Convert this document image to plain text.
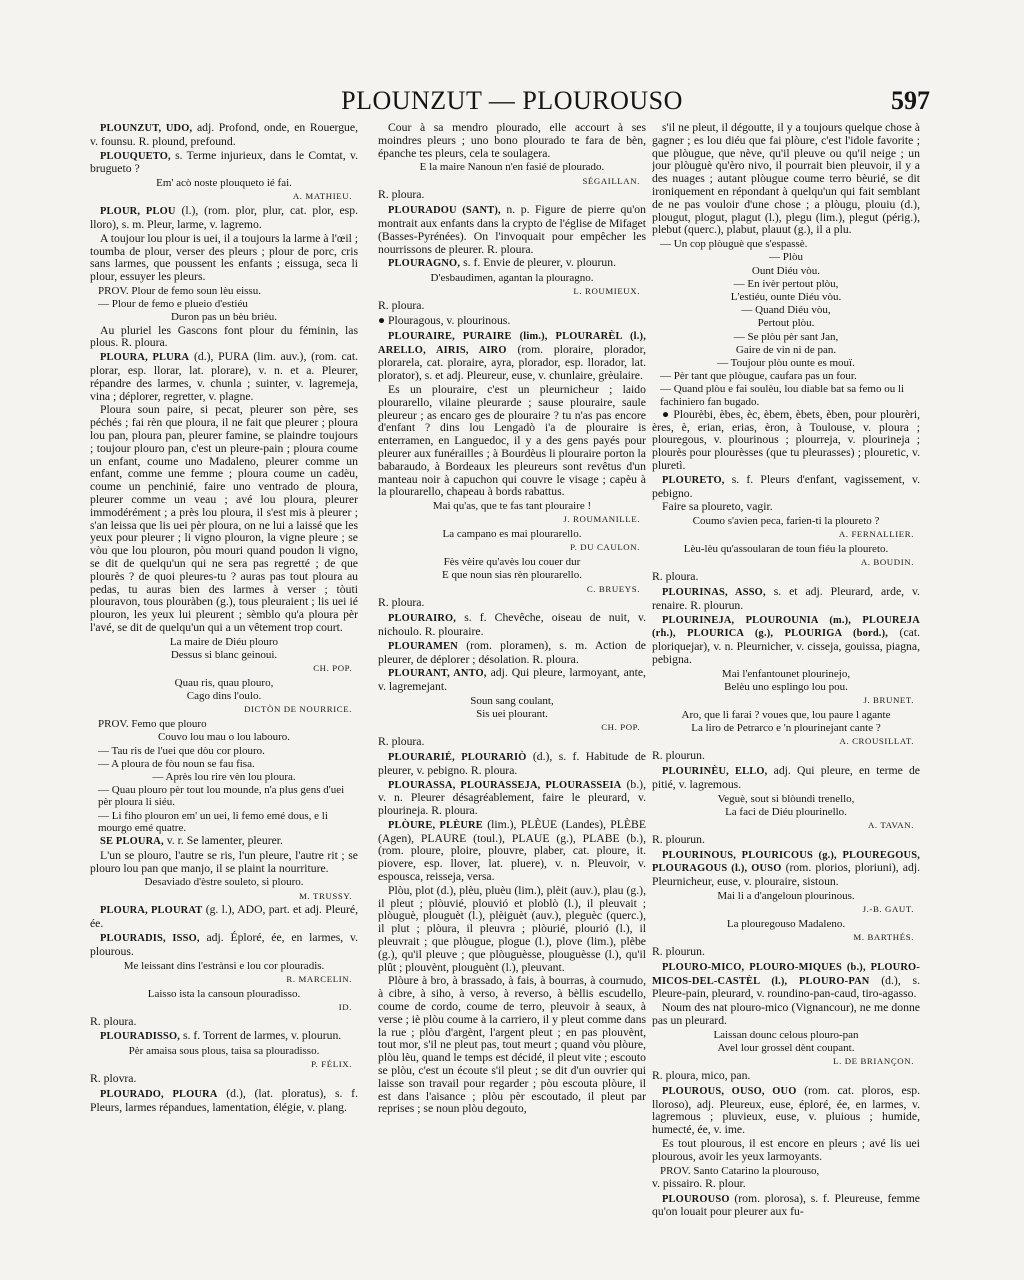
PLOUNZUT — PLOUROUSO	597
PLOUNZUT, UDO, adj. Profond, onde, en Rouergue, v. founsu. R. plound, prefound.
PLOUQUETO, s. Terme injurieux, dans le Comtat, v. brugueto ?
Em' acò noste plouqueto ié fai.
A. MATHIEU.
PLOUR, PLOU (l.), (rom. plor, plur, cat. plor, esp. lloro), s. m. Pleur, larme, v. lagremo.
A toujour lou plour is uei, il a toujours la larme à l'œil ; toumba de plour, verser des pleurs ; plour de porc, cris sans larmes, que poussent les enfants ; eissuga, seca li plour, essuyer les pleurs.
PROV. Plour de femo soun lèu eissu.
— Plour de femo e plueio d'estiéu
Duron pas un bèu brièu.
Au pluriel les Gascons font plour du féminin, las plous. R. ploura.
PLOURA, PLURA (d.), PURA (lim. auv.), (rom. cat. plorar, esp. llorar, lat. plorare), v. n. et a. Pleurer, répandre des larmes, v. chunla ; suinter, v. lagremeja, vina ; déplorer, regretter, v. plagne.
Ploura soun paire, si pecat, pleurer son père, ses péchés ; fai rèn que ploura, il ne fait que pleurer ; ploura lou pan, ploura pan, pleurer famine, se plaindre toujours ; toujour plouro pan, c'est un pleure-pain ; ploura coume un enfant, coume uno Madaleno, pleurer comme un enfant, comme une femme ; ploura coume un cadèu, coume un penchinié, faire uno ventrado de ploura, pleurer comme un veau ; avé lou ploura, pleurer immodérément ; a près lou ploura, il s'est mis à pleurer ; s'an leissa que lis uei pèr ploura, on ne lui a laissé que les yeux pour pleurer ; li vigno plouron, la vigne pleure ; se vòu que lou plouron, pòu mouri quand poudon li vigno, se dit de quelqu'un qui ne sera pas regretté ; de que plourès ? de quoi pleures-tu ? auras pas tout ploura au pedas, tu auras bien des larmes à verser ; tòuti plouravon, tous plouràben (g.), tous pleuraient ; lis uei ié plouron, les yeux lui pleurent ; sèmblo qu'a ploura pèr l'avé, se dit de quelqu'un qui a un vêtement trop court.
La maire de Diéu plouro
Dessus si blanc geinoui.
CH. POP.
Quau ris, quau plouro,
Cago dins l'oulo.
DICTÒN DE NOURRICE.
PROV. Femo que plouro
Couvo lou mau o lou labouro.
— Tau ris de l'uei que dòu cor plouro.
— A ploura de fòu noun se fau fisa.
— Après lou rire vèn lou ploura.
— Quau plouro pèr tout lou mounde, n'a plus gens d'uei pèr ploura li siéu.
— Li fiho plouron em' un uei, li femo emé dous, e li mourgo emé quatre.
SE PLOURA, v. r. Se lamenter, pleurer.
L'un se plouro, l'autre se ris, l'un pleure, l'autre rit ; se plouro lou pan que manjo, il se plaint la nourriture.
Desaviado d'èstre souleto, si plouro.
M. TRUSSY.
PLOURA, PLOURAT (g. l.), ADO, part. et adj. Pleuré, ée.
PLOURADIS, ISSO, adj. Éploré, ée, en larmes, v. plourous.
Me leissant dins l'estrànsi e lou cor plouradis.
R. MARCELIN.
Laisso ista la cansoun plouradisso.
ID.
R. ploura.
PLOURADISSO, s. f. Torrent de larmes, v. plourun.
Pèr amaisa sous plous, taisa sa plouradisso.
P. FÉLIX.
R. plovra.
PLOURADO, PLOURA (d.), (lat. ploratus), s. f. Pleurs, larmes répandues, lamentation, élégie, v. plang.
Cour à sa mendro plourado, elle accourt à ses moindres pleurs ; uno bono plourado te fara de bèn, épanche tes pleurs, cela te soulagera.
E la maire Nanoun n'en fasié de plourado.
SÉGAILLAN.
R. ploura.
PLOURADOU (SANT), n. p. Figure de pierre qu'on montrait aux enfants dans la crypto de l'église de Mifaget (Basses-Pyrénées). On l'invoquait pour empêcher les nourrissons de pleurer. R. ploura.
PLOURAGNO, s. f. Envie de pleurer, v. plourun.
D'esbaudimen, agantan la plouragno.
L. ROUMIEUX.
R. ploura.
● Plouragous, v. plourinous.
PLOURAIRE, PURAIRE (lim.), PLOURARÈL (l.), ARELLO, AIRIS, AIRO (rom. ploraire, plorador, plorarela, cat. ploraire, ayra, plorador, esp. llorador, lat. plorator), s. et adj. Pleureur, euse, v. chunlaire, grèulaire.
Es un plouraire, c'est un pleurnicheur ; laido plourarello, vilaine pleurarde ; sause plouraire, saule pleureur ; as encaro ges de plouraire ? tu n'as pas encore d'enfant ? dins lou Lengadò i'a de plouraire is enterramen, en Languedoc, il y a des gens payés pour pleurer aux funérailles ; à Bourdèus li plouraire porton la babaraudo, à Bordeaux les pleureurs sont revêtus d'un manteau noir à capuchon qui couvre le visage ; capèu à la plourarello, chapeau à bords rabattus.
Mai qu'as, que te fas tant plouraire !
J. ROUMANILLE.
La campano es mai plourarello.
P. DU CAULON.
Fès vèire qu'avès lou couer dur
E que noun sias rèn plourarello.
C. BRUEYS.
R. ploura.
PLOURAIRO, s. f. Chevêche, oiseau de nuit, v. nichoulo. R. plouraire.
PLOURAMEN (rom. ploramen), s. m. Action de pleurer, de déplorer ; désolation. R. ploura.
PLOURANT, ANTO, adj. Qui pleure, larmoyant, ante, v. lagremejant.
Soun sang coulant,
Sis uei plourant.
CH. POP.
R. ploura.
PLOURARIÉ, PLOURARIÒ (d.), s. f. Habitude de pleurer, v. pebigno. R. ploura.
PLOURASSA, PLOURASSEJA, PLOURASSEIA (b.), v. n. Pleurer désagréablement, faire le pleurard, v. plourineja. R. ploura.
PLÒURE, PLÈURE (lim.), PLÈUE (Landes), PLÈBE (Agen), PLAURE (toul.), PLAUE (g.), PLABE (b.), (rom. ploure, ploire, plouvre, plaber, cat. ploure, it. piovere, esp. llover, lat. pluere), v. n. Pleuvoir, v. espousca, reisseja, versa.
Plòu, plot (d.), plèu, pluèu (lim.), plèit (auv.), plau (g.), il pleut ; plòuvié, plouvió et ploblò (l.), il pleuvait ; plòuguè, plouguèt (l.), plèiguèt (auv.), pleguèc (querc.), il plut ; plòura, il pleuvra ; plòurié, plourió (l.), il pleuvrait ; que plòugue, plogue (l.), plove (lim.), plèbe (g.), qu'il pleuve ; que plòuguèsse, plouguèsse (l.), qu'il plût ; plouvènt, plouguènt (l.), pleuvant.
Plòure à bro, à brassado, à fais, à bourras, à cournudo, à cibre, à siho, à verso, à reverso, à bèllis escudello, coume de cordo, coume de terro, pleuvoir à seaux, à verse ; iè plòu coume à la carriero, il y pleut comme dans la rue ; plòu d'argènt, l'argent pleut ; en pas plouvènt, tout mor, s'il ne pleut pas, tout meurt ; quand vòu plòure, plòu lèu, quand le temps est décidé, il pleut vite ; escouto se plòu, c'est un écoute s'il pleut ; se dit d'un ouvrier qui laisse son travail pour regarder ; pòu escouta plòure, il est dans l'aisance ; plòu pèr escoutado, il pleut par reprises ; se noun plòu degouto,
s'il ne pleut, il dégoutte, il y a toujours quelque chose à gagner ; es lou diéu que fai plòure, c'est l'idole favorite ; que plòugue, que nève, qu'il pleuve ou qu'il neige ; un jour plòuguè qu'èro nivo, il pourrait bien pleuvoir, il y a des nuages ; autant plòugue coume terro bèurié, se dit ironiquement en répondant à quelqu'un qui fait semblant de ne pas vouloir d'une chose ; a plòugu, plouiu (d.), plougut, plogut, plagut (l.), plegu (lim.), plegut (périg.), plebut (querc.), plabut, plauut (g.), il a plu.
— Un cop plòuguè que s'espassè.
— Plòu
Ount Diéu vòu.
— En ivèr pertout plòu,
L'estiéu, ounte Diéu vòu.
— Quand Diéu vòu,
Pertout plòu.
— Se plòu pèr sant Jan,
Gaire de vin ni de pan.
— Toujour plòu ounte es mouï.
— Pèr tant que plòugue, caufara pas un four.
— Quand plòu e fai soulèu, lou diable bat sa femo ou li fachiniero fan bugado.
● Plourèbi, èbes, èc, èbem, èbets, èben, pour plourèri, ères, è, erian, erias, èron, à Toulouse, v. ploura ; plouregous, v. plourinous ; plourreja, v. plourineja ; plourès pour plourèsses (que tu pleurasses) ; plouretic, v. pluretì.
PLOURETO, s. f. Pleurs d'enfant, vagissement, v. pebigno.
Faire sa ploureto, vagir.
Coumo s'avien peca, farien-ti la ploureto ?
A. FERNALLIER.
Lèu-lèu qu'assoularan de toun fiéu la ploureto.
A. BOUDIN.
R. ploura.
PLOURINAS, ASSO, s. et adj. Pleurard, arde, v. renaire. R. plourun.
PLOURINEJA, PLOUROUNIA (m.), PLOUREJA (rh.), PLOURICA (g.), PLOURIGA (bord.), (cat. ploriquejar), v. n. Pleurnicher, v. cisseja, gouissa, piagna, pebigna.
Mai l'enfantounet plourinejo,
Belèu uno esplingo lou pou.
J. BRUNET.
Aro, que li farai ? voues que, lou paure l agante
La liro de Petrarco e 'n plourinejant cante ?
A. CROUSILLAT.
R. plourun.
PLOURINÈU, ELLO, adj. Qui pleure, en terme de pitié, v. lagremous.
Veguè, sout si blòundi trenello,
La faci de Diéu plourinello.
A. TAVAN.
R. plourun.
PLOURINOUS, PLOURICOUS (g.), PLOUREGOUS, PLOURAGOUS (l.), OUSO (rom. plorios, ploriuni), adj. Pleurnicheur, euse, v. plouraire, sistoun.
Mai li a d'angeloun plourinous.
J.-B. GAUT.
La plouregouso Madaleno.
M. BARTHÉS.
R. plourun.
PLOURO-MICO, PLOURO-MIQUES (b.), PLOURO-MICOS-DEL-CASTÈL (l.), PLOURO-PAN (d.), s. Pleure-pain, pleurard, v. roundino-pan-caud, tiro-agasso.
Noum des nat plouro-mico (Vignancour), ne me donne pas un pleurard.
Laissan dounc celous plouro-pan
Avel lour grossel dènt coupant.
L. DE BRIANÇON.
R. ploura, mico, pan.
PLOUROUS, OUSO, OUO (rom. cat. ploros, esp. lloroso), adj. Pleureux, euse, éploré, ée, en larmes, v. lagremous ; pluvieux, euse, v. pluious ; humide, humecté, ée, v. ime.
Es tout plourous, il est encore en pleurs ; avé lis uei plourous, avoir les yeux larmoyants.
PROV. Santo Catarino la plourouso,
v. pissairo. R. plour.
PLOUROUSO (rom. plorosa), s. f. Pleureuse, femme qu'on louait pour pleurer aux fu-
